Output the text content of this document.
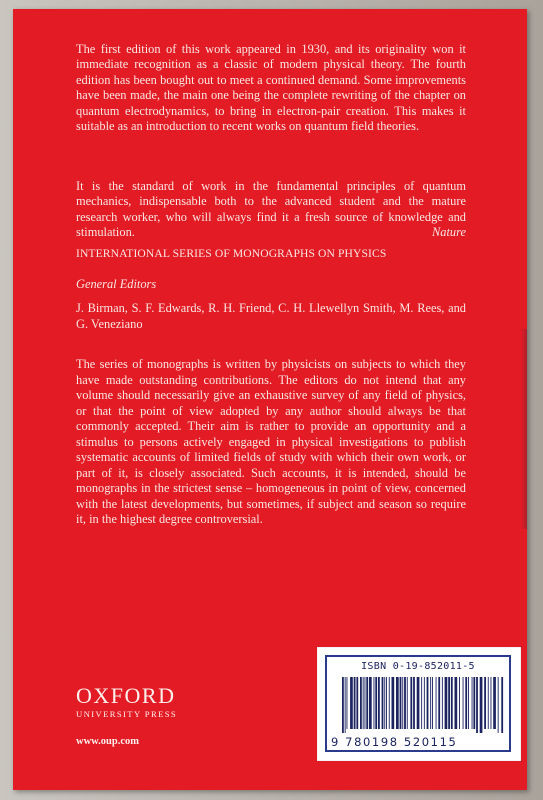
The first edition of this work appeared in 1930, and its originality won it immediate recognition as a classic of modern physical theory. The fourth edition has been bought out to meet a continued demand. Some improvements have been made, the main one being the complete rewriting of the chapter on quantum electrodynamics, to bring in electron-pair creation. This makes it suitable as an introduction to recent works on quantum field theories.

It is the standard of work in the fundamental principles of quantum mechanics, indispensable both to the advanced student and the mature research worker, who will always find it a fresh source of knowledge and stimulation.	Nature

INTERNATIONAL SERIES OF MONOGRAPHS ON PHYSICS

General Editors

J. Birman, S. F. Edwards, R. H. Friend, C. H. Llewellyn Smith, M. Rees, and G. Veneziano

The series of monographs is written by physicists on subjects to which they have made outstanding contributions. The editors do not intend that any volume should necessarily give an exhaustive survey of any field of physics, or that the point of view adopted by any author should always be that commonly accepted. Their aim is rather to provide an opportunity and a stimulus to persons actively engaged in physical investigations to publish systematic accounts of limited fields of study with which their own work, or part of it, is closely associated. Such accounts, it is intended, should be monographs in the strictest sense – homogeneous in point of view, concerned with the latest developments, but sometimes, if subject and season so require it, in the highest degree controversial.

OXFORD
UNIVERSITY PRESS
www.oup.com
ISBN 0-19-852011-5
9 780198 520115
